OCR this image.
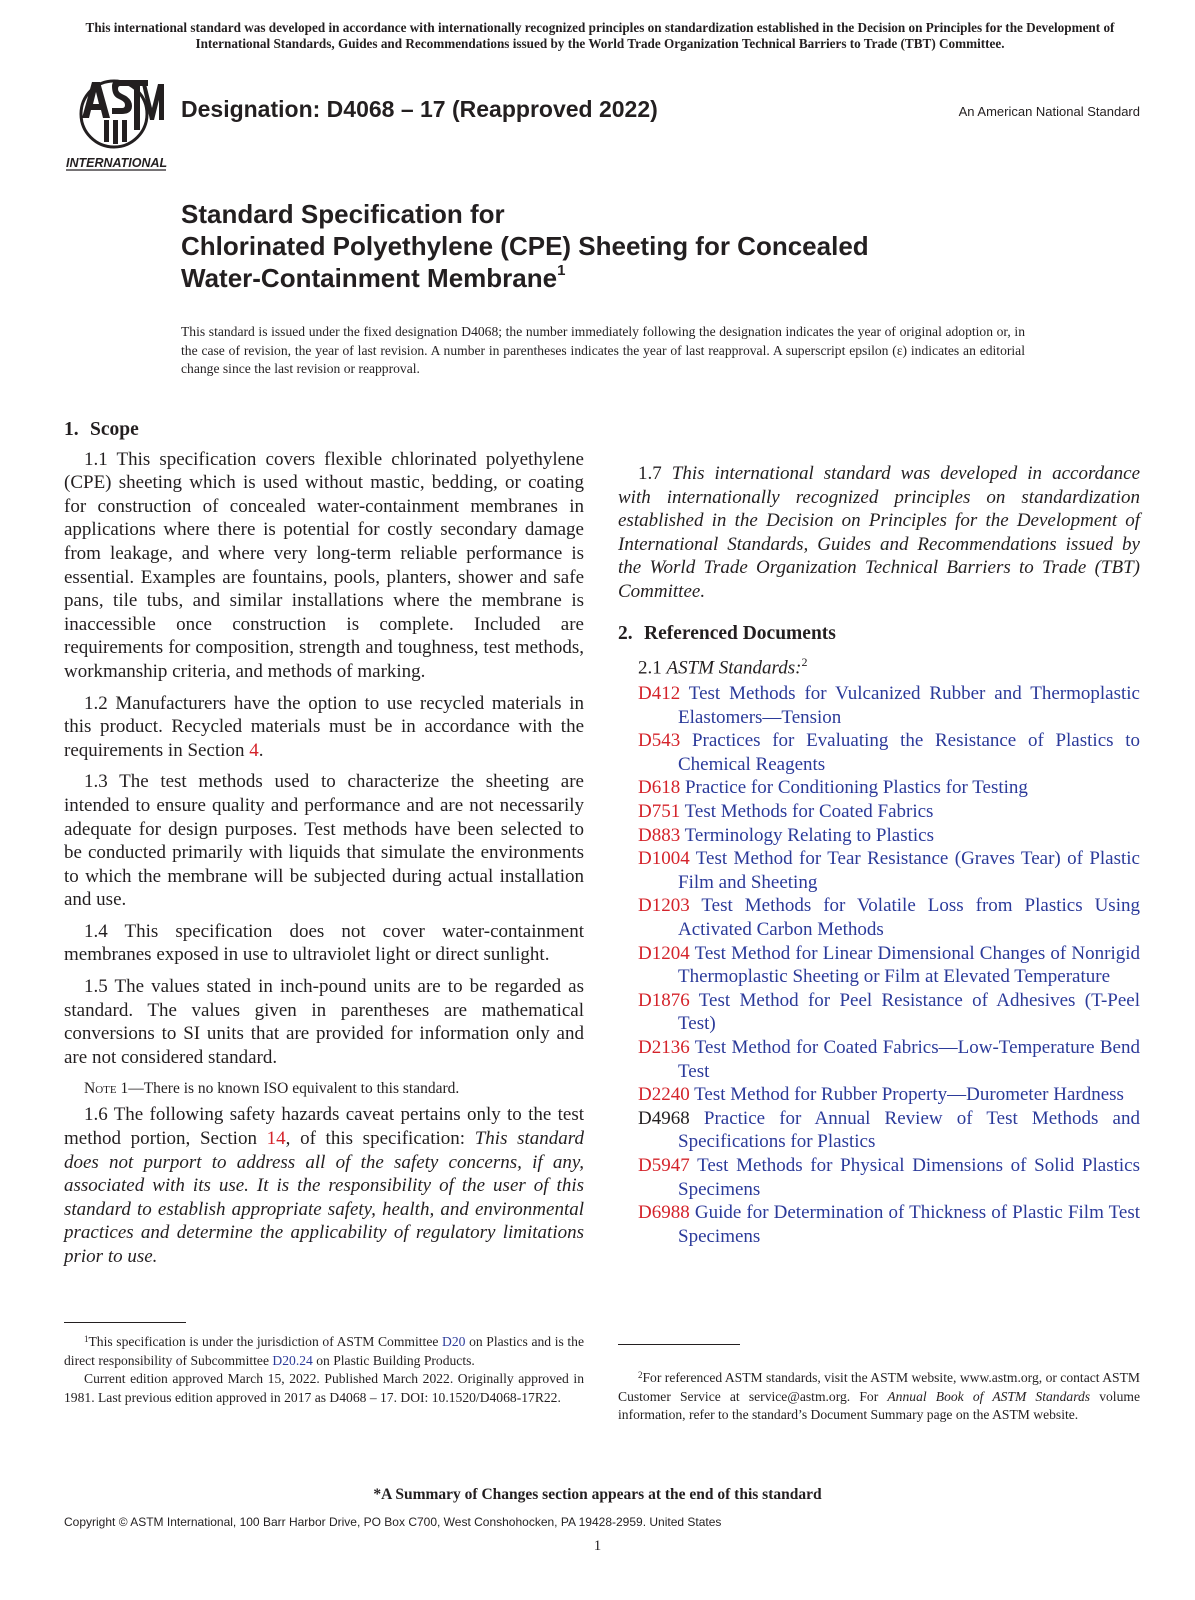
This international standard was developed in accordance with internationally recognized principles on standardization established in the Decision on Principles for the Development of International Standards, Guides and Recommendations issued by the World Trade Organization Technical Barriers to Trade (TBT) Committee.
INTERNATIONAL
Designation: D4068 – 17 (Reapproved 2022)	An American National Standard
Standard Specification for
Chlorinated Polyethylene (CPE) Sheeting for Concealed
Water-Containment Membrane$^1$
This standard is issued under the fixed designation D4068; the number immediately following the designation indicates the year of original adoption or, in the case of revision, the year of last revision. A number in parentheses indicates the year of last reapproval. A superscript epsilon (ε) indicates an editorial change since the last revision or reapproval.
1. Scope

1.1 This specification covers flexible chlorinated polyethylene (CPE) sheeting which is used without mastic, bedding, or coating for construction of concealed water-containment membranes in applications where there is potential for costly secondary damage from leakage, and where very long-term reliable performance is essential. Examples are fountains, pools, planters, shower and safe pans, tile tubs, and similar installations where the membrane is inaccessible once construction is complete. Included are requirements for composition, strength and toughness, test methods, workmanship criteria, and methods of marking.

1.2 Manufacturers have the option to use recycled materials in this product. Recycled materials must be in accordance with the requirements in Section 4.

1.3 The test methods used to characterize the sheeting are intended to ensure quality and performance and are not necessarily adequate for design purposes. Test methods have been selected to be conducted primarily with liquids that simulate the environments to which the membrane will be subjected during actual installation and use.

1.4 This specification does not cover water-containment membranes exposed in use to ultraviolet light or direct sunlight.

1.5 The values stated in inch-pound units are to be regarded as standard. The values given in parentheses are mathematical conversions to SI units that are provided for information only and are not considered standard.

Note 1—There is no known ISO equivalent to this standard.

1.6 The following safety hazards caveat pertains only to the test method portion, Section 14, of this specification: This standard does not purport to address all of the safety concerns, if any, associated with its use. It is the responsibility of the user of this standard to establish appropriate safety, health, and environmental practices and determine the applicability of regulatory limitations prior to use.

1.7 This international standard was developed in accordance with internationally recognized principles on standardization established in the Decision on Principles for the Development of International Standards, Guides and Recommendations issued by the World Trade Organization Technical Barriers to Trade (TBT) Committee.

2. Referenced Documents

2.1 ASTM Standards:$^2$

D412 Test Methods for Vulcanized Rubber and Thermoplastic Elastomers—Tension
D543 Practices for Evaluating the Resistance of Plastics to Chemical Reagents
D618 Practice for Conditioning Plastics for Testing
D751 Test Methods for Coated Fabrics
D883 Terminology Relating to Plastics
D1004 Test Method for Tear Resistance (Graves Tear) of Plastic Film and Sheeting
D1203 Test Methods for Volatile Loss from Plastics Using Activated Carbon Methods
D1204 Test Method for Linear Dimensional Changes of Nonrigid Thermoplastic Sheeting or Film at Elevated Temperature
D1876 Test Method for Peel Resistance of Adhesives (T-Peel Test)
D2136 Test Method for Coated Fabrics—Low-Temperature Bend Test
D2240 Test Method for Rubber Property—Durometer Hardness
D4968 Practice for Annual Review of Test Methods and Specifications for Plastics
D5947 Test Methods for Physical Dimensions of Solid Plastics Specimens
D6988 Guide for Determination of Thickness of Plastic Film Test Specimens

$^1$This specification is under the jurisdiction of ASTM Committee D20 on Plastics and is the direct responsibility of Subcommittee D20.24 on Plastic Building Products.

Current edition approved March 15, 2022. Published March 2022. Originally approved in 1981. Last previous edition approved in 2017 as D4068 – 17. DOI: 10.1520/D4068-17R22.

$^2$For referenced ASTM standards, visit the ASTM website, www.astm.org, or contact ASTM Customer Service at service@astm.org. For Annual Book of ASTM Standards volume information, refer to the standard’s Document Summary page on the ASTM website.

*A Summary of Changes section appears at the end of this standard
Copyright © ASTM International, 100 Barr Harbor Drive, PO Box C700, West Conshohocken, PA 19428-2959. United States
1
